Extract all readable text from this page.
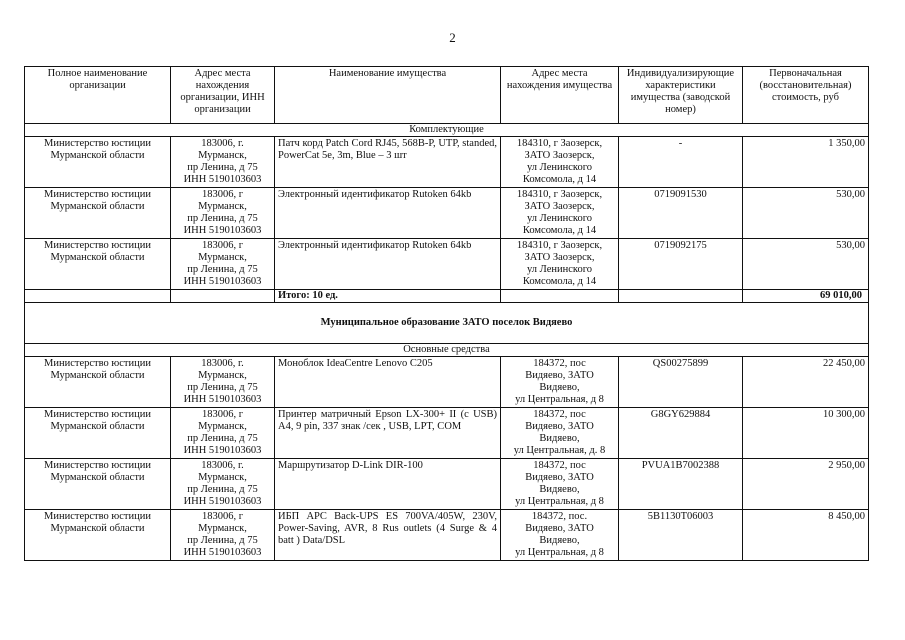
2
Полное наименование организации	Адрес места нахождения организации, ИНН организации	Наименование имущества	Адрес места нахождения имущества	Индивидуализирующие характеристики имущества (заводской номер)	Первоначальная (восстановительная) стоимость, руб
Комплектующие					
Министерство юстиции Мурманской области	183006, г.
Мурманск,
пр Ленина, д 75
ИНН 5190103603	Патч корд Patch Cord RJ45, 568B-P, UTP, standed, PowerCat 5e, 3m, Blue – 3 шт	184310, г Заозерск,
ЗАТО Заозерск,
ул Ленинского
Комсомола, д 14	-	1 350,00
Министерство юстиции Мурманской области	183006, г
Мурманск,
пр Ленина, д 75
ИНН 5190103603	Электронный идентификатор Rutoken 64kb	184310, г Заозерск,
ЗАТО Заозерск,
ул Ленинского
Комсомола, д 14	0719091530	530,00
Министерство юстиции Мурманской области	183006, г
Мурманск,
пр Ленина, д 75
ИНН 5190103603	Электронный идентификатор Rutoken 64kb	184310, г Заозерск,
ЗАТО Заозерск,
ул Ленинского
Комсомола, д 14	0719092175	530,00
		Итого: 10 ед.			69 010,00
Муниципальное образование ЗАТО поселок Видяево					
Основные средства					
Министерство юстиции Мурманской области	183006, г.
Мурманск,
пр Ленина, д 75
ИНН 5190103603	Моноблок IdeaCentre Lenovo C205	184372, пос
Видяево, ЗАТО
Видяево,
ул Центральная, д 8	QS00275899	22 450,00
Министерство юстиции Мурманской области	183006, г
Мурманск,
пр Ленина, д 75
ИНН 5190103603	Принтер матричный Epson LX-300+ II (c USB) A4, 9 pin, 337 знак /сек , USB, LPT, COM	184372, пос
Видяево, ЗАТО
Видяево,
ул Центральная, д. 8	G8GY629884	10 300,00
Министерство юстиции Мурманской области	183006, г.
Мурманск,
пр Ленина, д 75
ИНН 5190103603	Маршрутизатор D-Link DIR-100	184372, пос
Видяево, ЗАТО
Видяево,
ул Центральная, д 8	PVUA1B7002388	2 950,00
Министерство юстиции Мурманской области	183006, г
Мурманск,
пр Ленина, д 75
ИНН 5190103603	ИБП APC Back-UPS ES 700VA/405W, 230V, Power-Saving, AVR, 8 Rus outlets (4 Surge & 4 batt ) Data/DSL	184372, пос.
Видяево, ЗАТО
Видяево,
ул Центральная, д 8	5B1130T06003	8 450,00
